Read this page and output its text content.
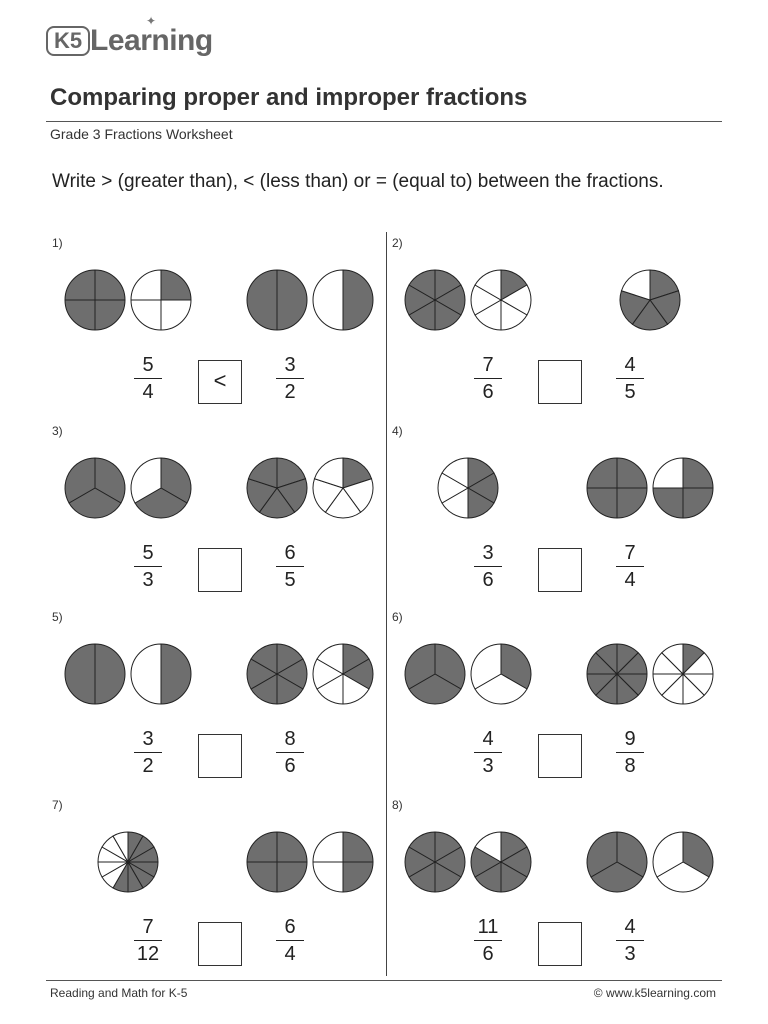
K5 Learning
✦
Comparing proper and improper fractions
Grade 3 Fractions Worksheet
Write > (greater than), < (less than) or = (equal to) between the fractions.
1)
5
4	<
3
2
2)
7
6
4
5
3)
5
3
6
5
4)
3
6
7
4
5)
3
2
8
6
6)
4
3
9
8
7)
7
12
6
4
8)
11
6
4
3
Reading and Math for K-5	© www.k5learning.com
